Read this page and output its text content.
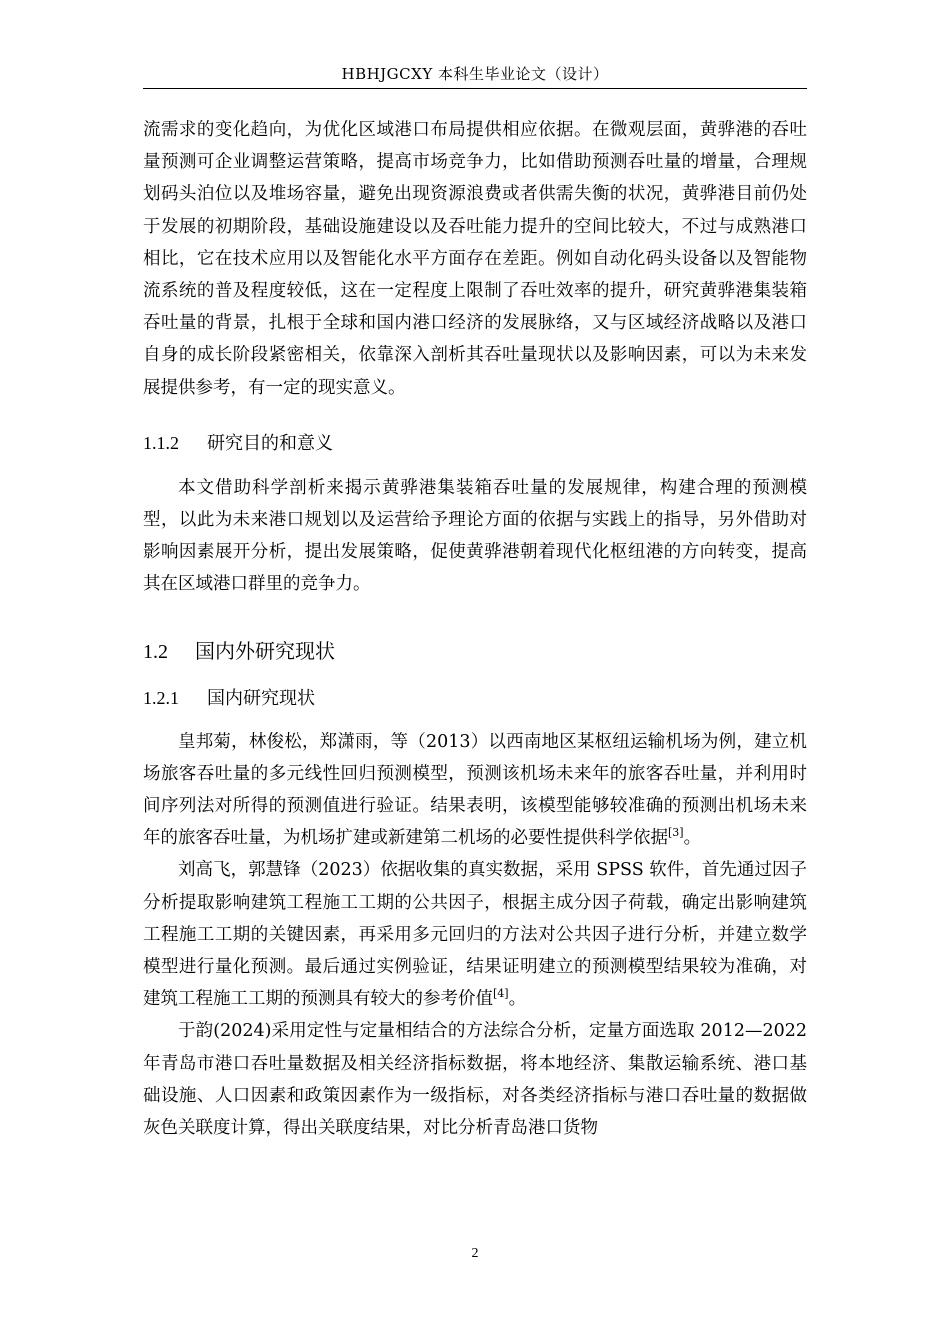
HBHJGCXY 本科生毕业论文（设计）

流需求的变化趋向，为优化区域港口布局提供相应依据。在微观层面，黄骅港的吞吐量预测可企业调整运营策略，提高市场竞争力，比如借助预测吞吐量的增量，合理规划码头泊位以及堆场容量，避免出现资源浪费或者供需失衡的状况，黄骅港目前仍处于发展的初期阶段，基础设施建设以及吞吐能力提升的空间比较大，不过与成熟港口相比，它在技术应用以及智能化水平方面存在差距。例如自动化码头设备以及智能物流系统的普及程度较低，这在一定程度上限制了吞吐效率的提升，研究黄骅港集装箱吞吐量的背景，扎根于全球和国内港口经济的发展脉络，又与区域经济战略以及港口自身的成长阶段紧密相关，依靠深入剖析其吞吐量现状以及影响因素，可以为未来发展提供参考，有一定的现实意义。

1.1.2 研究目的和意义

本文借助科学剖析来揭示黄骅港集装箱吞吐量的发展规律，构建合理的预测模型，以此为未来港口规划以及运营给予理论方面的依据与实践上的指导，另外借助对影响因素展开分析，提出发展策略，促使黄骅港朝着现代化枢纽港的方向转变，提高其在区域港口群里的竞争力。

1.2 国内外研究现状
1.2.1 国内研究现状

皇邦菊，林俊松，郑潇雨，等（2013）以西南地区某枢纽运输机场为例，建立机场旅客吞吐量的多元线性回归预测模型，预测该机场未来年的旅客吞吐量，并利用时间序列法对所得的预测值进行验证。结果表明，该模型能够较准确的预测出机场未来年的旅客吞吐量，为机场扩建或新建第二机场的必要性提供科学依据[3]。

刘高飞，郭慧锋（2023）依据收集的真实数据，采用 SPSS 软件，首先通过因子分析提取影响建筑工程施工工期的公共因子，根据主成分因子荷载，确定出影响建筑工程施工工期的关键因素，再采用多元回归的方法对公共因子进行分析，并建立数学模型进行量化预测。最后通过实例验证，结果证明建立的预测模型结果较为准确，对建筑工程施工工期的预测具有较大的参考价值[4]。

于韵(2024)采用定性与定量相结合的方法综合分析，定量方面选取 2012—2022 年青岛市港口吞吐量数据及相关经济指标数据，将本地经济、集散运输系统、港口基础设施、人口因素和政策因素作为一级指标，对各类经济指标与港口吞吐量的数据做灰色关联度计算，得出关联度结果，对比分析青岛港口货物

2
